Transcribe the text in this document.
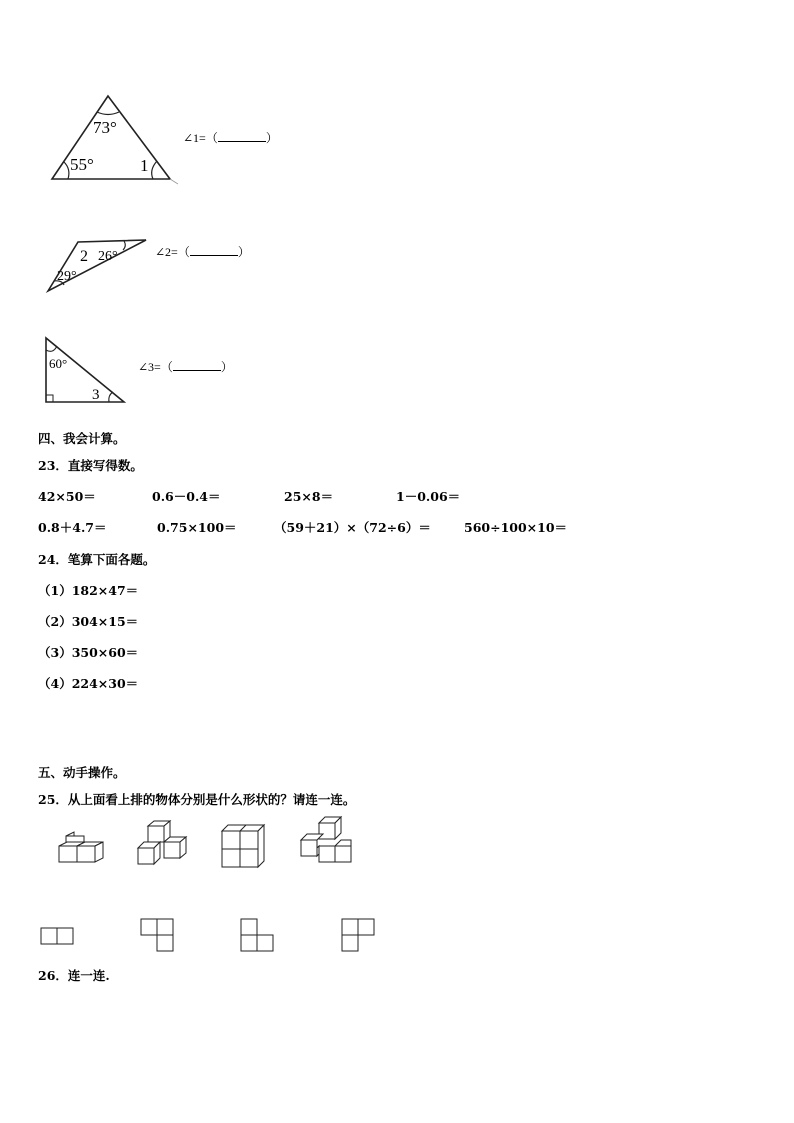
73°
55°	1
∠1=（	）
2 26°
29°
∠2=（	）
60°
3
∠3=（	）
四、我会计算。
23．直接写得数。
42×50＝	0.6－0.4＝	25×8＝	1－0.06＝
0.8＋4.7＝	0.75×100＝	（59＋21）×（72÷6）＝	560÷100×10＝
24．笔算下面各题。
（1）182×47＝
（2）304×15＝
（3）350×60＝
（4）224×30＝
五、动手操作。
25．从上面看上排的物体分别是什么形状的？请连一连。
26．连一连.
